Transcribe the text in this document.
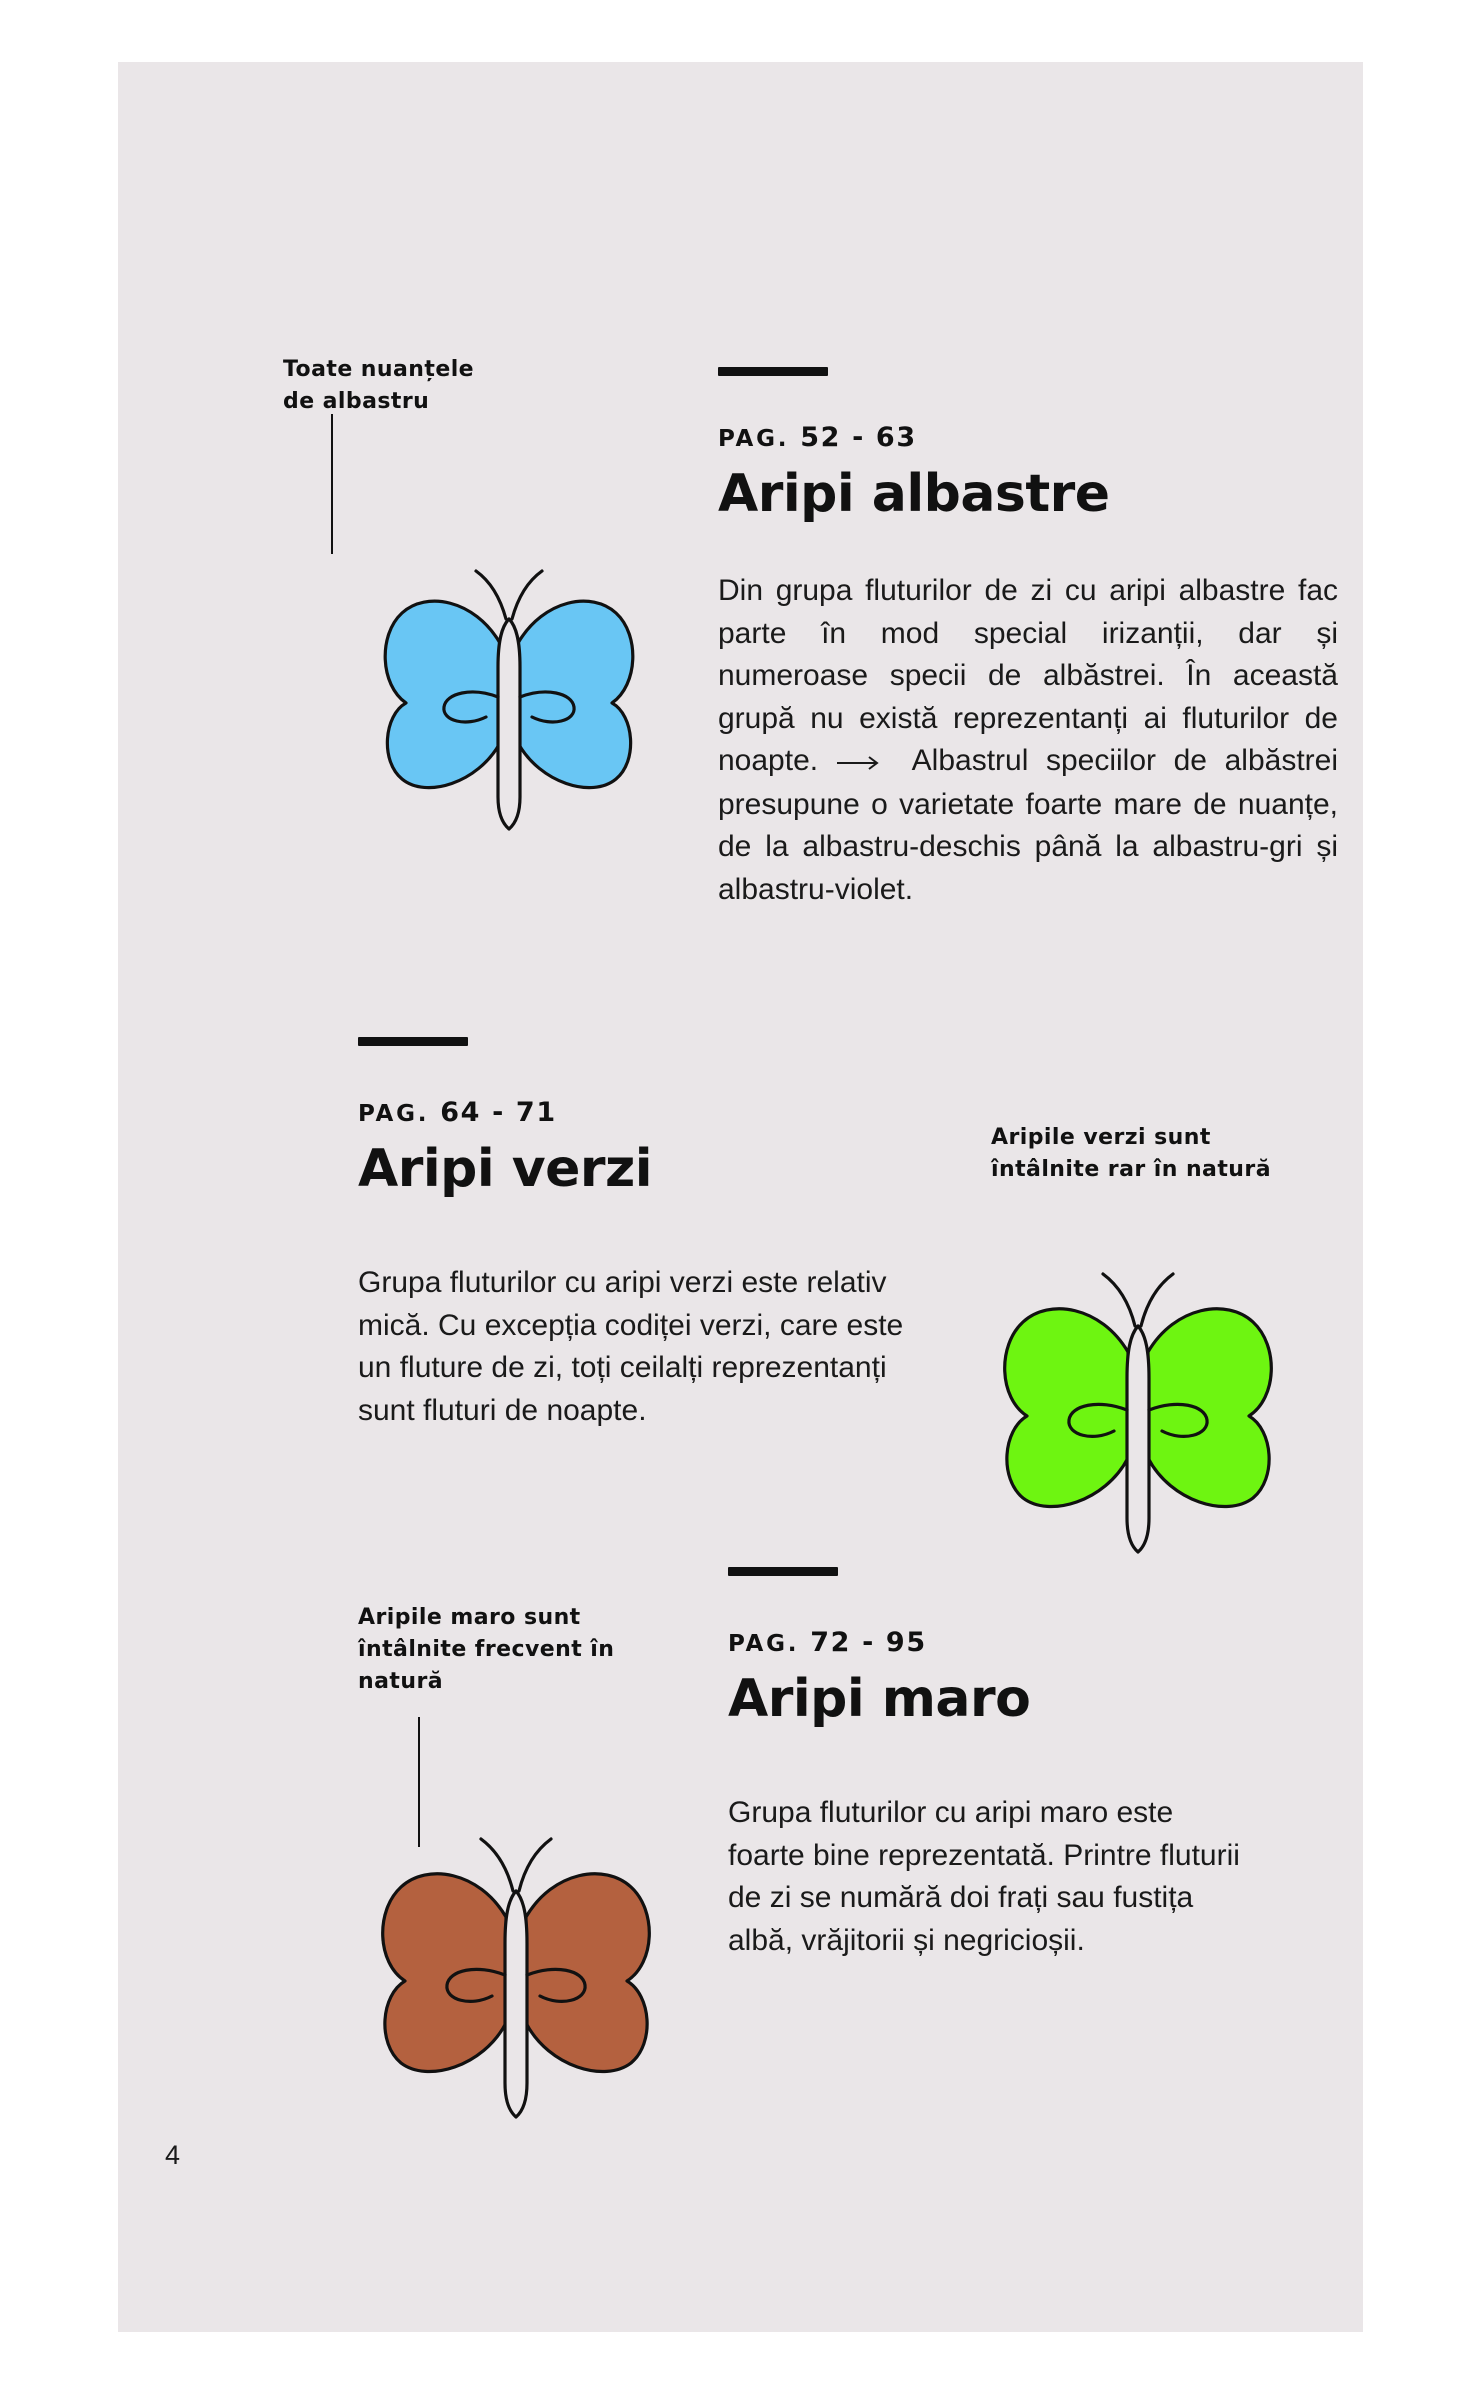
Toate nuanțele de albastru
PAG. 52 - 63
Aripi albastre
Din grupa fluturilor de zi cu aripi albastre fac parte în mod special irizanții, dar și numeroase specii de albăstrei. În această grupă nu există reprezentanți ai fluturilor de noapte.	Albastrul speciilor de albăstrei presupune o varietate foarte mare de nuanțe, de la albastru-deschis până la albastru-gri și albastru-violet.
PAG. 64 - 71
Aripi verzi
Grupa fluturilor cu aripi verzi este relativ mică. Cu excepția codiței verzi, care este un fluture de zi, toți ceilalți reprezentanți sunt fluturi de noapte.
Aripile verzi sunt întâlnite rar în natură
Aripile maro sunt întâlnite frecvent în natură
PAG. 72 - 95
Aripi maro
Grupa fluturilor cu aripi maro este foarte bine reprezentată. Printre fluturii de zi se numără doi frați sau fustița albă, vrăjitorii și negricioșii.
4
